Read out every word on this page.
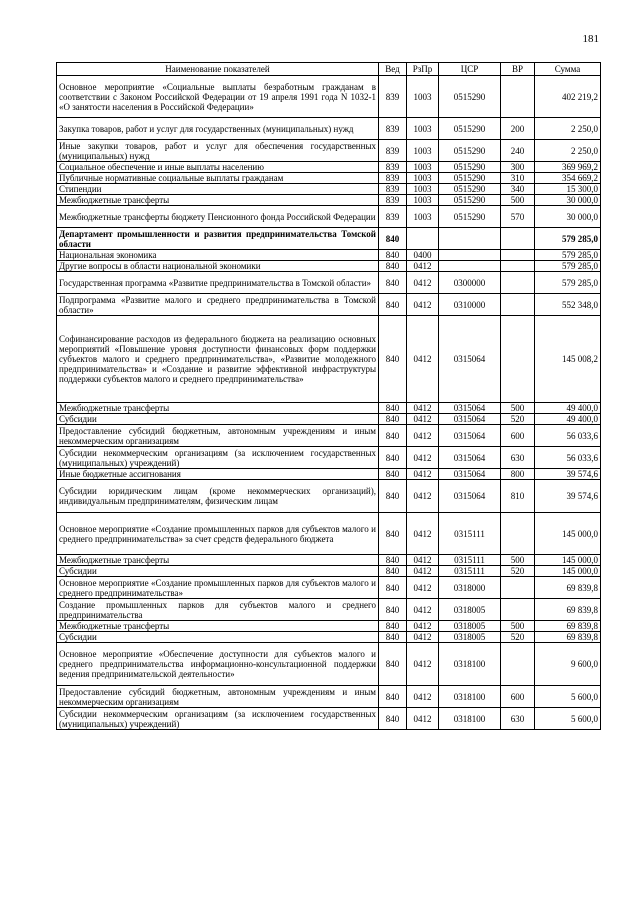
181
Наименование показателей	Вед	РзПр	ЦСР	ВР	Сумма
Основное мероприятие «Социальные выплаты безработным гражданам в соответствии с Законом Российской Федерации от 19 апреля 1991 года N 1032-1 «О занятости населения в Российской Федерации»	839	1003	0515290		402 219,2
Закупка товаров, работ и услуг для государственных (муниципальных) нужд	839	1003	0515290	200	2 250,0
Иные закупки товаров, работ и услуг для обеспечения государственных (муниципальных) нужд	839	1003	0515290	240	2 250,0
Социальное обеспечение и иные выплаты населению	839	1003	0515290	300	369 969,2
Публичные нормативные социальные выплаты гражданам	839	1003	0515290	310	354 669,2
Стипендии	839	1003	0515290	340	15 300,0
Межбюджетные трансферты	839	1003	0515290	500	30 000,0
Межбюджетные трансферты бюджету Пенсионного фонда Российской Федерации	839	1003	0515290	570	30 000,0
Департамент промышленности и развития предпринимательства Томской области	840				579 285,0
Национальная экономика	840	0400			579 285,0
Другие вопросы в области национальной экономики	840	0412			579 285,0
Государственная программа «Развитие предпринимательства в Томской области»	840	0412	0300000		579 285,0
Подпрограмма «Развитие малого и среднего предпринимательства в Томской области»	840	0412	0310000		552 348,0
Софинансирование расходов из федерального бюджета на реализацию основных мероприятий «Повышение уровня доступности финансовых форм поддержки субъектов малого и среднего предпринимательства», «Развитие молодежного предпринимательства» и «Создание и развитие эффективной инфраструктуры поддержки субъектов малого и среднего предпринимательства»	840	0412	0315064		145 008,2
Межбюджетные трансферты	840	0412	0315064	500	49 400,0
Субсидии	840	0412	0315064	520	49 400,0
Предоставление субсидий бюджетным, автономным учреждениям и иным некоммерческим организациям	840	0412	0315064	600	56 033,6
Субсидии некоммерческим организациям (за исключением государственных (муниципальных) учреждений)	840	0412	0315064	630	56 033,6
Иные бюджетные ассигнования	840	0412	0315064	800	39 574,6
Субсидии юридическим лицам (кроме некоммерческих организаций), индивидуальным предпринимателям, физическим лицам	840	0412	0315064	810	39 574,6
Основное мероприятие «Создание промышленных парков для субъектов малого и среднего предпринимательства» за счет средств федерального бюджета	840	0412	0315111		145 000,0
Межбюджетные трансферты	840	0412	0315111	500	145 000,0
Субсидии	840	0412	0315111	520	145 000,0
Основное мероприятие «Создание промышленных парков для субъектов малого и среднего предпринимательства»	840	0412	0318000		69 839,8
Создание промышленных парков для субъектов малого и среднего предпринимательства	840	0412	0318005		69 839,8
Межбюджетные трансферты	840	0412	0318005	500	69 839,8
Субсидии	840	0412	0318005	520	69 839,8
Основное мероприятие «Обеспечение доступности для субъектов малого и среднего предпринимательства информационно-консультационной поддержки ведения предпринимательской деятельности»	840	0412	0318100		9 600,0
Предоставление субсидий бюджетным, автономным учреждениям и иным некоммерческим организациям	840	0412	0318100	600	5 600,0
Субсидии некоммерческим организациям (за исключением государственных (муниципальных) учреждений)	840	0412	0318100	630	5 600,0
